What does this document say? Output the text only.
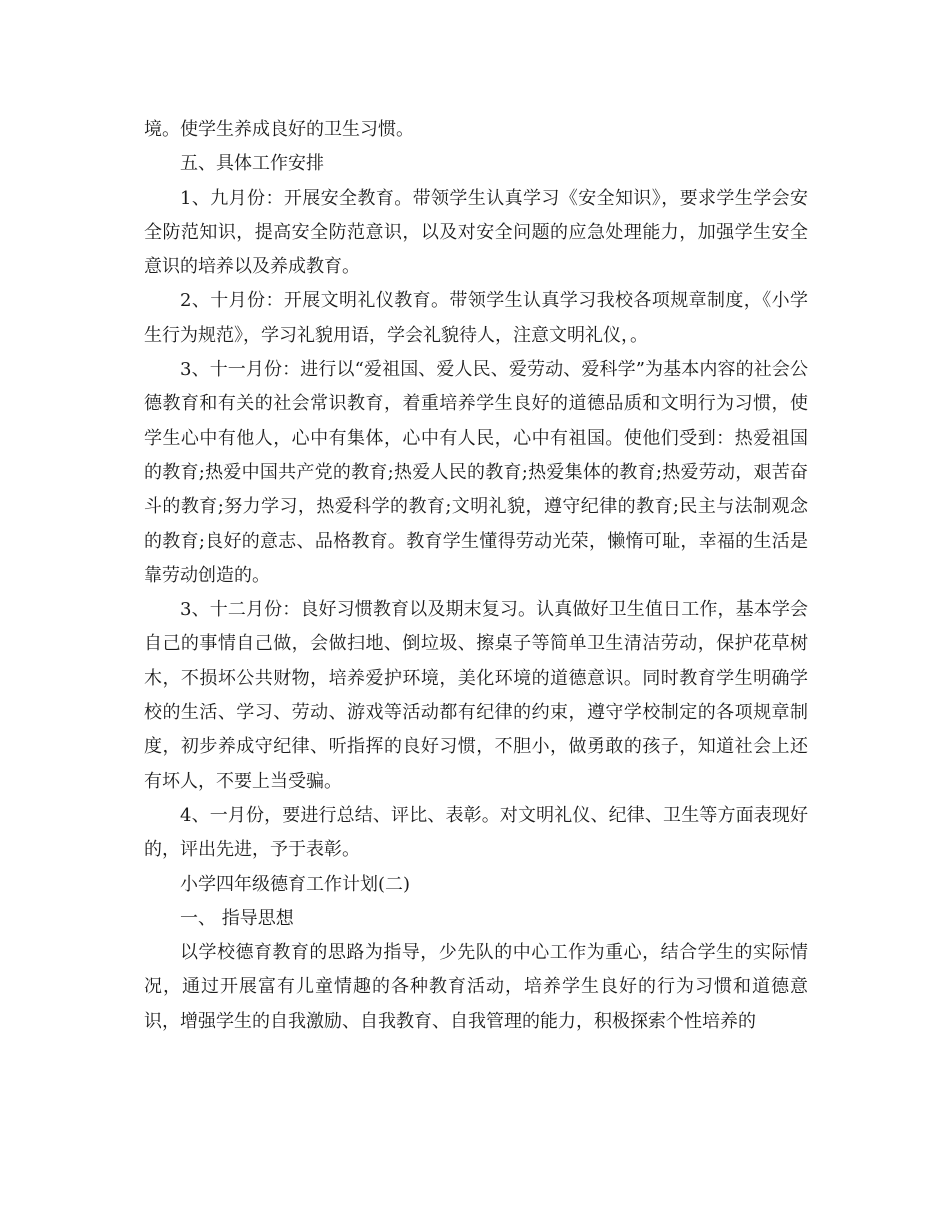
境。使学生养成良好的卫生习惯。

五、具体工作安排

1、九月份：开展安全教育。带领学生认真学习《安全知识》，要求学生学会安全防范知识，提高安全防范意识，以及对安全问题的应急处理能力，加强学生安全意识的培养以及养成教育。

2、十月份：开展文明礼仪教育。带领学生认真学习我校各项规章制度，《小学生行为规范》，学习礼貌用语，学会礼貌待人，注意文明礼仪，。

3、十一月份：进行以“爱祖国、爱人民、爱劳动、爱科学”为基本内容的社会公德教育和有关的社会常识教育，着重培养学生良好的道德品质和文明行为习惯，使学生心中有他人，心中有集体，心中有人民，心中有祖国。使他们受到：热爱祖国的教育;热爱中国共产党的教育;热爱人民的教育;热爱集体的教育;热爱劳动，艰苦奋斗的教育;努力学习，热爱科学的教育;文明礼貌，遵守纪律的教育;民主与法制观念的教育;良好的意志、品格教育。教育学生懂得劳动光荣，懒惰可耻，幸福的生活是靠劳动创造的。

3、十二月份：良好习惯教育以及期末复习。认真做好卫生值日工作，基本学会自己的事情自己做，会做扫地、倒垃圾、擦桌子等简单卫生清洁劳动，保护花草树木，不损坏公共财物，培养爱护环境，美化环境的道德意识。同时教育学生明确学校的生活、学习、劳动、游戏等活动都有纪律的约束，遵守学校制定的各项规章制度，初步养成守纪律、听指挥的良好习惯，不胆小，做勇敢的孩子，知道社会上还有坏人，不要上当受骗。

4、一月份，要进行总结、评比、表彰。对文明礼仪、纪律、卫生等方面表现好的，评出先进，予于表彰。

小学四年级德育工作计划(二)

一、 指导思想

以学校德育教育的思路为指导，少先队的中心工作为重心，结合学生的实际情况，通过开展富有儿童情趣的各种教育活动，培养学生良好的行为习惯和道德意识，增强学生的自我激励、自我教育、自我管理的能力，积极探索个性培养的
